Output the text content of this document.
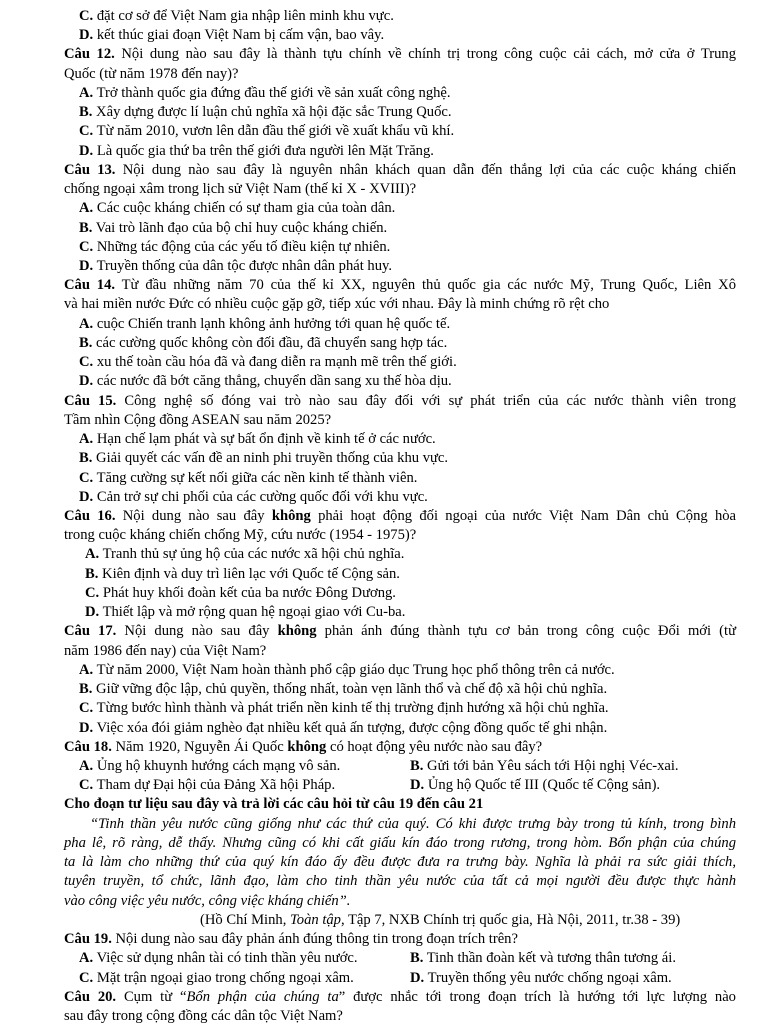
C. đặt cơ sở để Việt Nam gia nhập liên minh khu vực.
D. kết thúc giai đoạn Việt Nam bị cấm vận, bao vây.
Câu 12. Nội dung nào sau đây là thành tựu chính về chính trị trong công cuộc cải cách, mở cửa ở Trung
Quốc (từ năm 1978 đến nay)?
A. Trở thành quốc gia đứng đầu thế giới về sản xuất công nghệ.
B. Xây dựng được lí luận chủ nghĩa xã hội đặc sắc Trung Quốc.
C. Từ năm 2010, vươn lên dẫn đầu thế giới về xuất khẩu vũ khí.
D. Là quốc gia thứ ba trên thế giới đưa người lên Mặt Trăng.
Câu 13. Nội dung nào sau đây là nguyên nhân khách quan dẫn đến thắng lợi của các cuộc kháng chiến
chống ngoại xâm trong lịch sử Việt Nam (thế kỉ X - XVIII)?
A. Các cuộc kháng chiến có sự tham gia của toàn dân.
B. Vai trò lãnh đạo của bộ chỉ huy cuộc kháng chiến.
C. Những tác động của các yếu tố điều kiện tự nhiên.
D. Truyền thống của dân tộc được nhân dân phát huy.
Câu 14. Từ đầu những năm 70 của thế kỉ XX, nguyên thủ quốc gia các nước Mỹ, Trung Quốc, Liên Xô
và hai miền nước Đức có nhiều cuộc gặp gỡ, tiếp xúc với nhau. Đây là minh chứng rõ rệt cho
A. cuộc Chiến tranh lạnh không ảnh hưởng tới quan hệ quốc tế.
B. các cường quốc không còn đối đầu, đã chuyển sang hợp tác.
C. xu thế toàn cầu hóa đã và đang diễn ra mạnh mẽ trên thế giới.
D. các nước đã bớt căng thẳng, chuyển dần sang xu thế hòa dịu.
Câu 15. Công nghệ số đóng vai trò nào sau đây đối với sự phát triển của các nước thành viên trong
Tầm nhìn Cộng đồng ASEAN sau năm 2025?
A. Hạn chế lạm phát và sự bất ổn định về kinh tế ở các nước.
B. Giải quyết các vấn đề an ninh phi truyền thống của khu vực.
C. Tăng cường sự kết nối giữa các nền kinh tế thành viên.
D. Cản trở sự chi phối của các cường quốc đối với khu vực.
Câu 16. Nội dung nào sau đây không phải hoạt động đối ngoại của nước Việt Nam Dân chủ Cộng hòa
trong cuộc kháng chiến chống Mỹ, cứu nước (1954 - 1975)?
A. Tranh thủ sự ủng hộ của các nước xã hội chủ nghĩa.
B. Kiên định và duy trì liên lạc với Quốc tế Cộng sản.
C. Phát huy khối đoàn kết của ba nước Đông Dương.
D. Thiết lập và mở rộng quan hệ ngoại giao với Cu-ba.
Câu 17. Nội dung nào sau đây không phản ánh đúng thành tựu cơ bản trong công cuộc Đổi mới (từ
năm 1986 đến nay) của Việt Nam?
A. Từ năm 2000, Việt Nam hoàn thành phổ cập giáo dục Trung học phổ thông trên cả nước.
B. Giữ vững độc lập, chủ quyền, thống nhất, toàn vẹn lãnh thổ và chế độ xã hội chủ nghĩa.
C. Từng bước hình thành và phát triển nền kinh tế thị trường định hướng xã hội chủ nghĩa.
D. Việc xóa đói giảm nghèo đạt nhiều kết quả ấn tượng, được cộng đồng quốc tế ghi nhận.
Câu 18. Năm 1920, Nguyễn Ái Quốc không có hoạt động yêu nước nào sau đây?
A. Ủng hộ khuynh hướng cách mạng vô sản.	B. Gửi tới bản Yêu sách tới Hội nghị Véc-xai.
C. Tham dự Đại hội của Đảng Xã hội Pháp.	D. Ủng hộ Quốc tế III (Quốc tế Cộng sản).
Cho đoạn tư liệu sau đây và trả lời các câu hỏi từ câu 19 đến câu 21
“Tinh thần yêu nước cũng giống như các thứ của quý. Có khi được trưng bày trong tủ kính, trong bình
pha lê, rõ ràng, dễ thấy. Nhưng cũng có khi cất giấu kín đáo trong rương, trong hòm. Bổn phận của chúng
ta là làm cho những thứ của quý kín đáo ấy đều được đưa ra trưng bày. Nghĩa là phải ra sức giải thích,
tuyên truyền, tổ chức, lãnh đạo, làm cho tinh thần yêu nước của tất cả mọi người đều được thực hành
vào công việc yêu nước, công việc kháng chiến”.
(Hồ Chí Minh, Toàn tập, Tập 7, NXB Chính trị quốc gia, Hà Nội, 2011, tr.38 - 39)
Câu 19. Nội dung nào sau đây phản ánh đúng thông tin trong đoạn trích trên?
A. Việc sử dụng nhân tài có tinh thần yêu nước.	B. Tinh thần đoàn kết và tương thân tương ái.
C. Mặt trận ngoại giao trong chống ngoại xâm.	D. Truyền thống yêu nước chống ngoại xâm.
Câu 20. Cụm từ “Bổn phận của chúng ta” được nhắc tới trong đoạn trích là hướng tới lực lượng nào
sau đây trong cộng đồng các dân tộc Việt Nam?
